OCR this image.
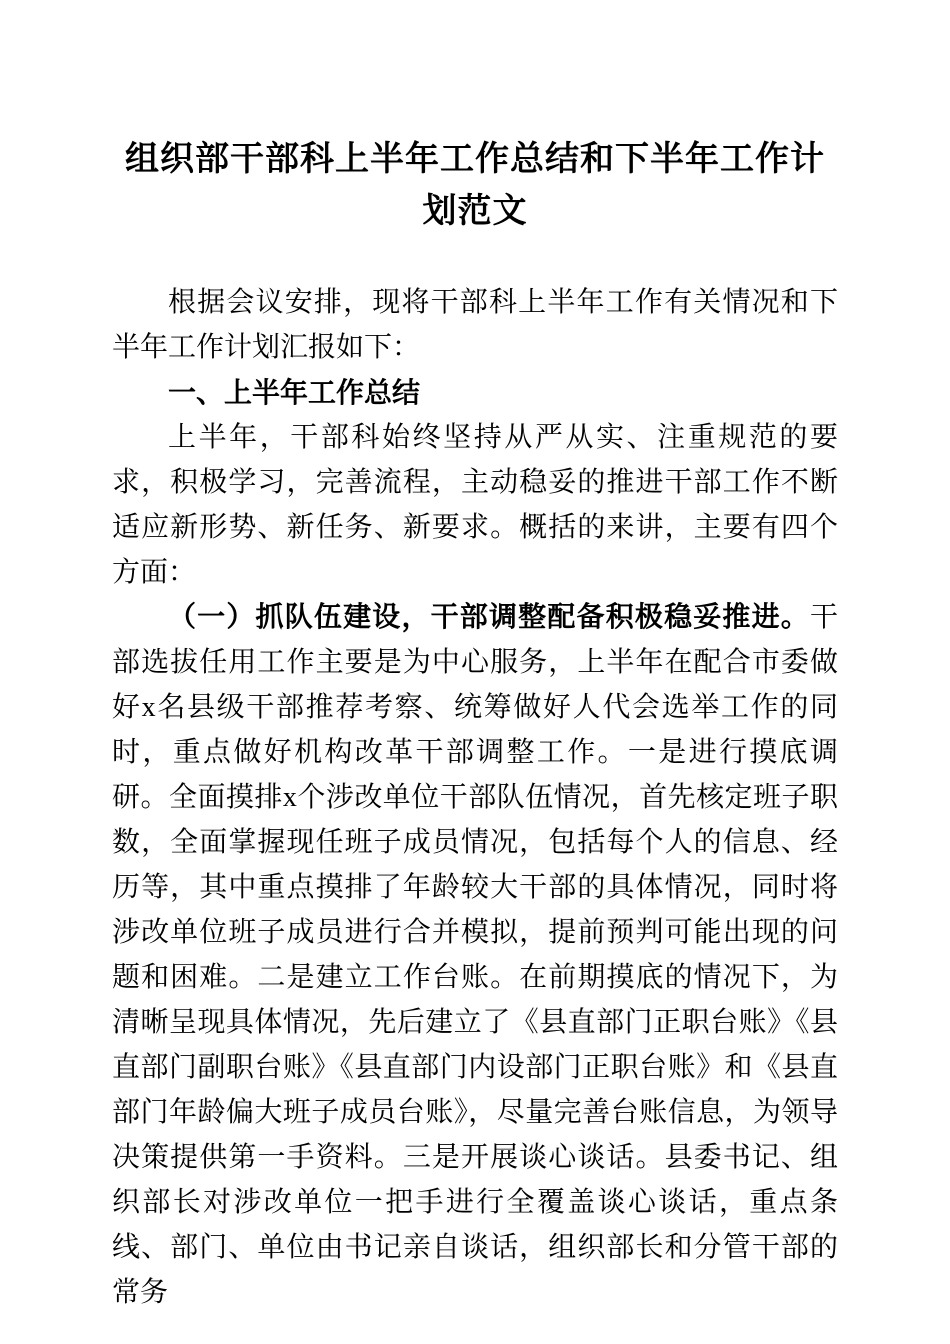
组织部干部科上半年工作总结和下半年工作计划范文

根据会议安排，现将干部科上半年工作有关情况和下半年工作计划汇报如下：

一、上半年工作总结

上半年，干部科始终坚持从严从实、注重规范的要求，积极学习，完善流程，主动稳妥的推进干部工作不断适应新形势、新任务、新要求。概括的来讲，主要有四个方面：

（一）抓队伍建设，干部调整配备积极稳妥推进。干部选拔任用工作主要是为中心服务，上半年在配合市委做好x名县级干部推荐考察、统筹做好人代会选举工作的同时，重点做好机构改革干部调整工作。一是进行摸底调研。全面摸排x个涉改单位干部队伍情况，首先核定班子职数，全面掌握现任班子成员情况，包括每个人的信息、经历等，其中重点摸排了年龄较大干部的具体情况，同时将涉改单位班子成员进行合并模拟，提前预判可能出现的问题和困难。二是建立工作台账。在前期摸底的情况下，为清晰呈现具体情况，先后建立了《县直部门正职台账》《县直部门副职台账》《县直部门内设部门正职台账》和《县直部门年龄偏大班子成员台账》，尽量完善台账信息，为领导决策提供第一手资料。三是开展谈心谈话。县委书记、组织部长对涉改单位一把手进行全覆盖谈心谈话，重点条线、部门、单位由书记亲自谈话，组织部长和分管干部的常务
